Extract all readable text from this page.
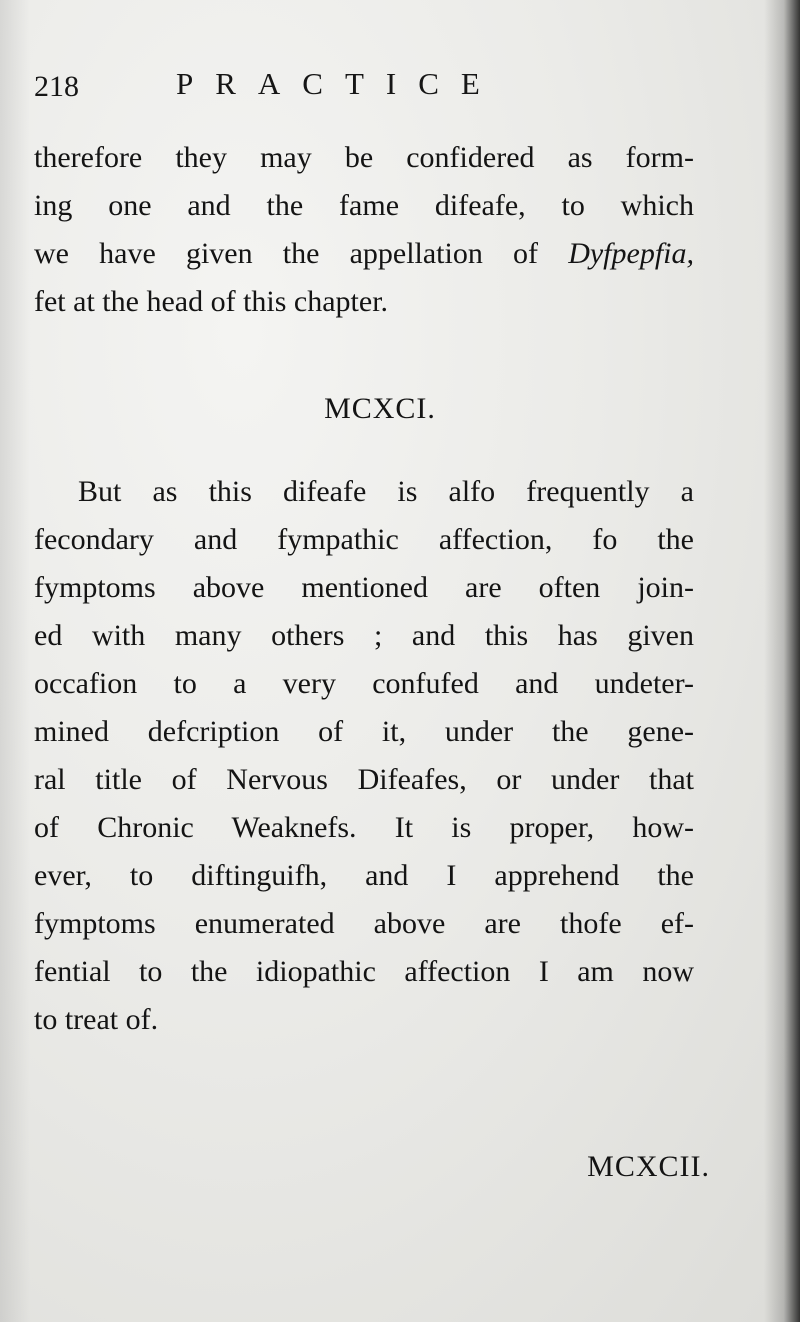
218	PRACTICE
therefore they may be confidered as form-
ing one and the fame difeafe, to which
we have given the appellation of Dyfpepfia,
fet at the head of this chapter.
MCXCI.
But as this difeafe is alfo frequently a
fecondary and fympathic affection, fo the
fymptoms above mentioned are often join-
ed with many others ; and this has given
occafion to a very confufed and undeter-
mined defcription of it, under the gene-
ral title of Nervous Difeafes, or under that
of Chronic Weaknefs. It is proper, how-
ever, to diftinguifh, and I apprehend the
fymptoms enumerated above are thofe ef-
fential to the idiopathic affection I am now
to treat of.
MCXCII.
